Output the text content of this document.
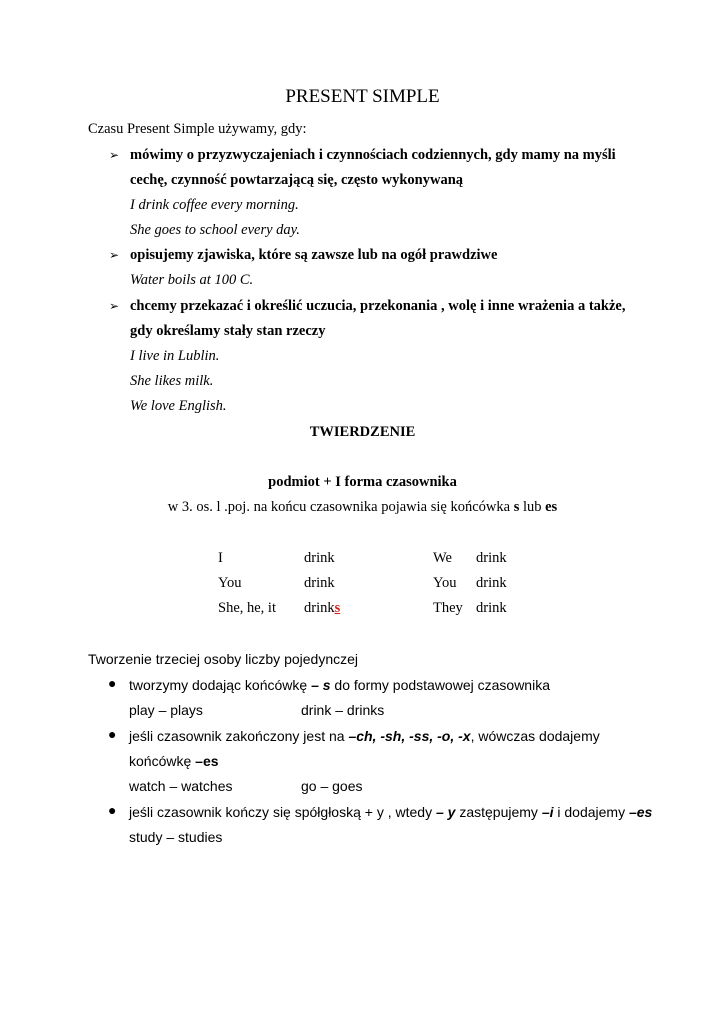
PRESENT SIMPLE
Czasu Present Simple używamy, gdy:
➢ mówimy o przyzwyczajeniach i czynnościach codziennych, gdy mamy na myśli
cechę, czynność powtarzającą się, często wykonywaną
I drink coffee every morning.
She goes to school every day.
➢ opisujemy zjawiska, które są zawsze lub na ogół prawdziwe
Water boils at 100 C.
➢ chcemy przekazać i określić uczucia, przekonania , wolę i inne wrażenia a także,
gdy określamy stały stan rzeczy
I live in Lublin.
She likes milk.
We love English.
TWIERDZENIE
podmiot + I forma czasownika
w 3. os. l .poj. na końcu czasownika pojawia się końcówka s lub es
I	drink	We drink
You	drink	You drink
She, he, it drinks	They drink
Tworzenie trzeciej osoby liczby pojedynczej
● tworzymy dodając końcówkę – s do formy podstawowej czasownika
play – plays	drink – drinks
● jeśli czasownik zakończony jest na –ch, -sh, -ss, -o, -x, wówczas dodajemy
końcówkę –es
watch – watches	go – goes
● jeśli czasownik kończy się spółgłoską + y , wtedy – y zastępujemy –i i dodajemy –es
study – studies
